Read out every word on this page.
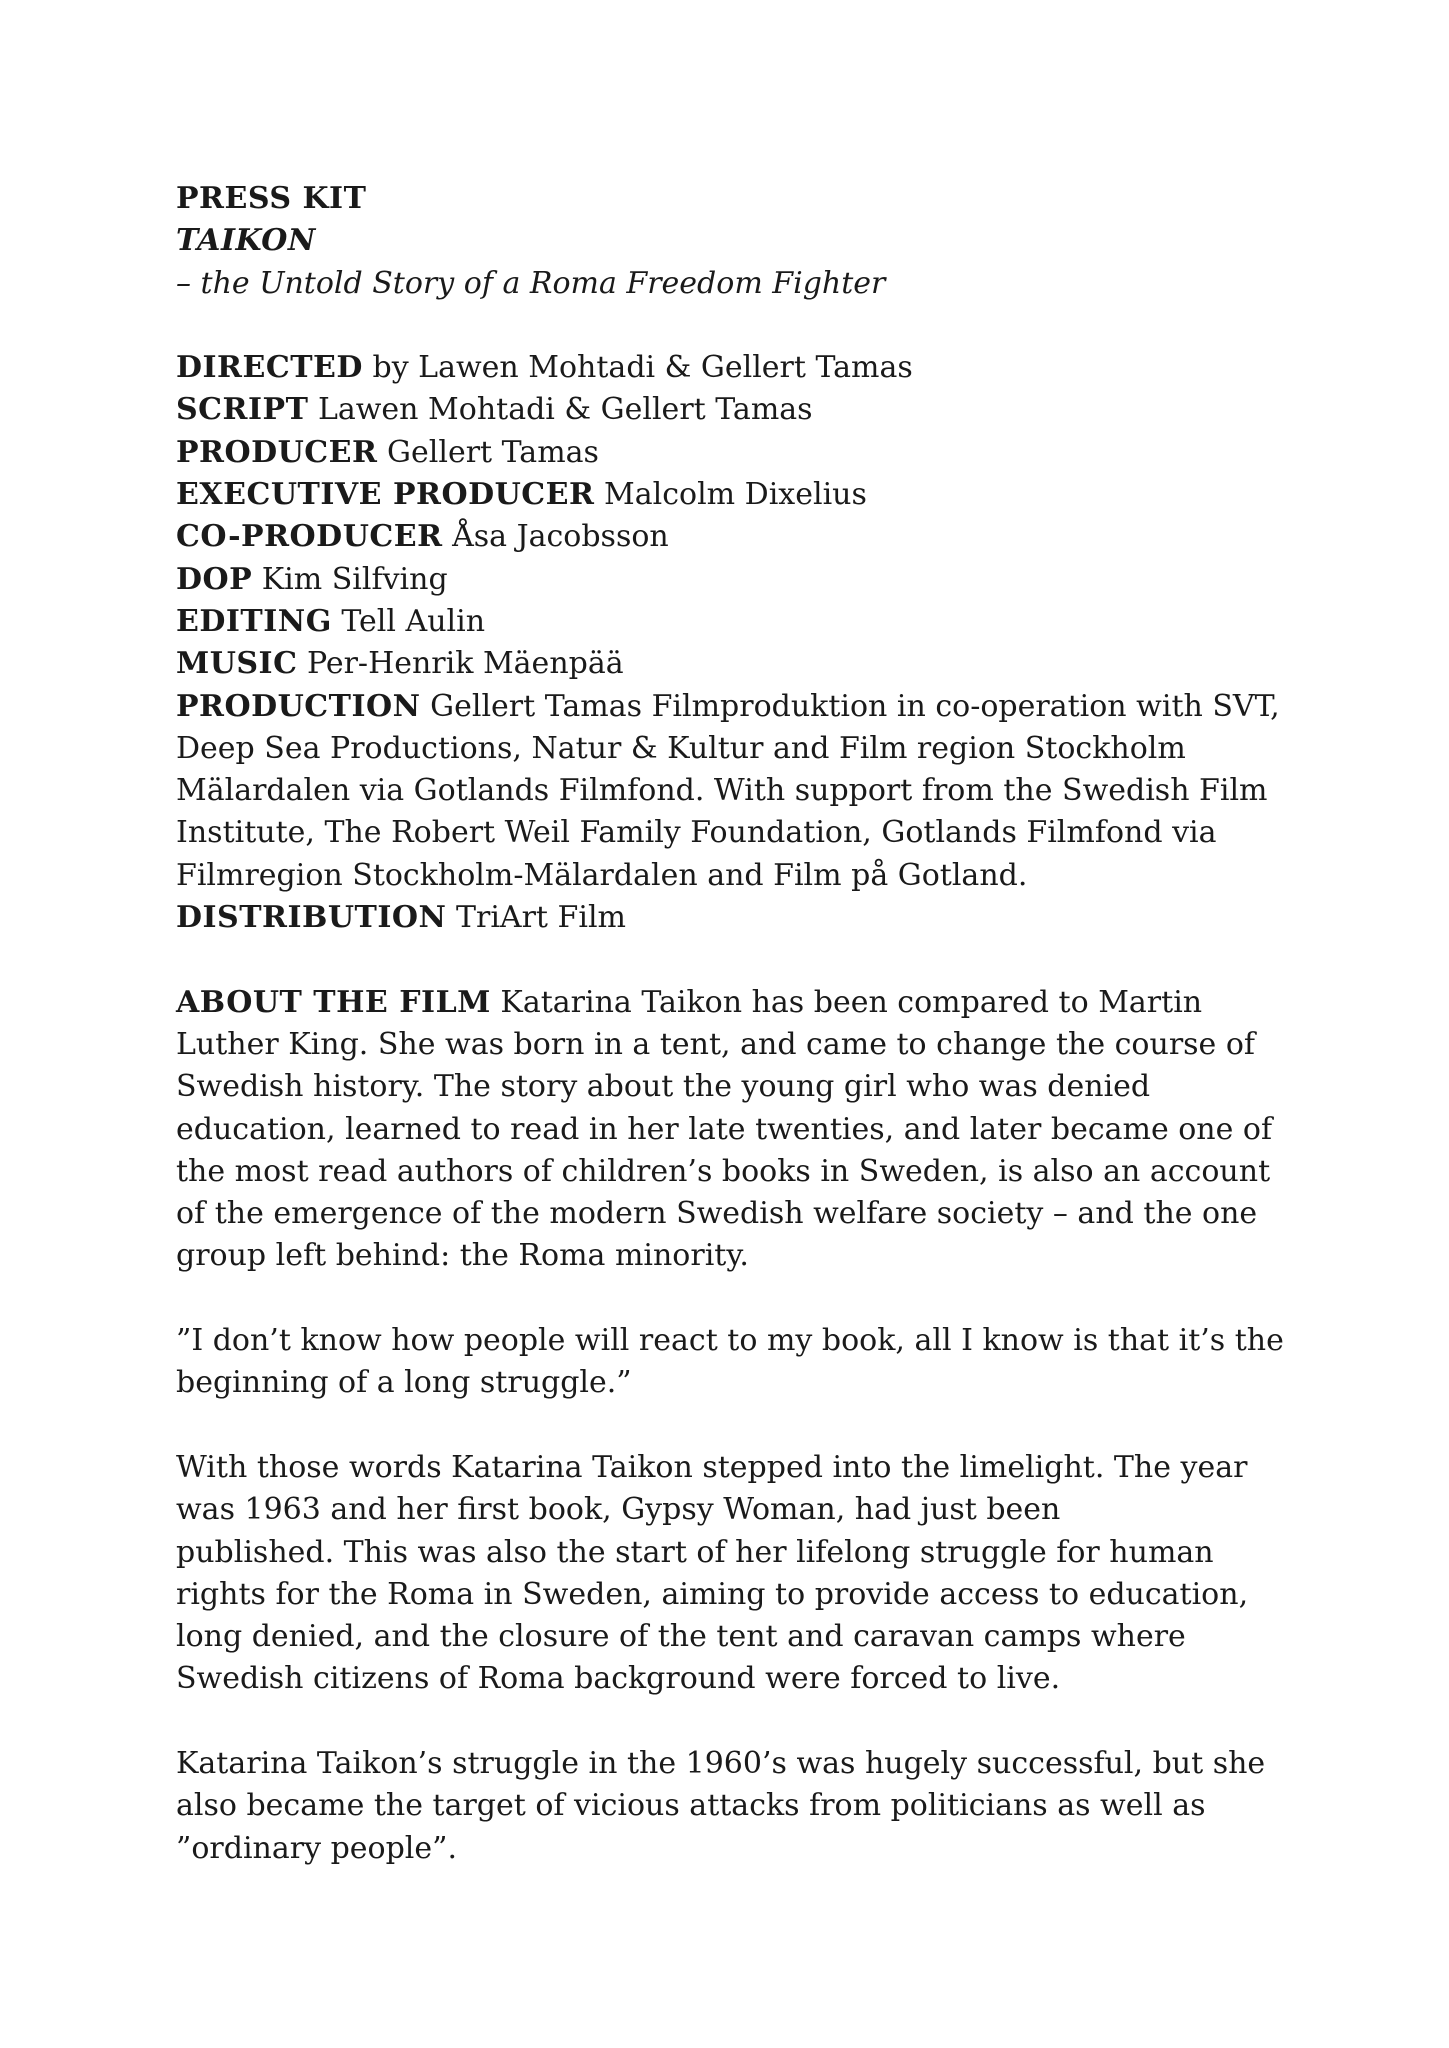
PRESS KIT
TAIKON
– the Untold Story of a Roma Freedom Fighter
DIRECTED by Lawen Mohtadi & Gellert Tamas
SCRIPT Lawen Mohtadi & Gellert Tamas
PRODUCER Gellert Tamas
EXECUTIVE PRODUCER Malcolm Dixelius
CO-PRODUCER Åsa Jacobsson
DOP Kim Silfving
EDITING Tell Aulin
MUSIC Per-Henrik Mäenpää
PRODUCTION Gellert Tamas Filmproduktion in co-operation with SVT,
Deep Sea Productions, Natur & Kultur and Film region Stockholm
Mälardalen via Gotlands Filmfond. With support from the Swedish Film
Institute, The Robert Weil Family Foundation, Gotlands Filmfond via
Filmregion Stockholm-Mälardalen and Film på Gotland.
DISTRIBUTION TriArt Film
ABOUT THE FILM Katarina Taikon has been compared to Martin
Luther King. She was born in a tent, and came to change the course of
Swedish history. The story about the young girl who was denied
education, learned to read in her late twenties, and later became one of
the most read authors of children’s books in Sweden, is also an account
of the emergence of the modern Swedish welfare society – and the one
group left behind: the Roma minority.
”I don’t know how people will react to my book, all I know is that it’s the
beginning of a long struggle.”
With those words Katarina Taikon stepped into the limelight. The year
was 1963 and her first book, Gypsy Woman, had just been
published. This was also the start of her lifelong struggle for human
rights for the Roma in Sweden, aiming to provide access to education,
long denied, and the closure of the tent and caravan camps where
Swedish citizens of Roma background were forced to live.
Katarina Taikon’s struggle in the 1960’s was hugely successful, but she
also became the target of vicious attacks from politicians as well as
”ordinary people”.
